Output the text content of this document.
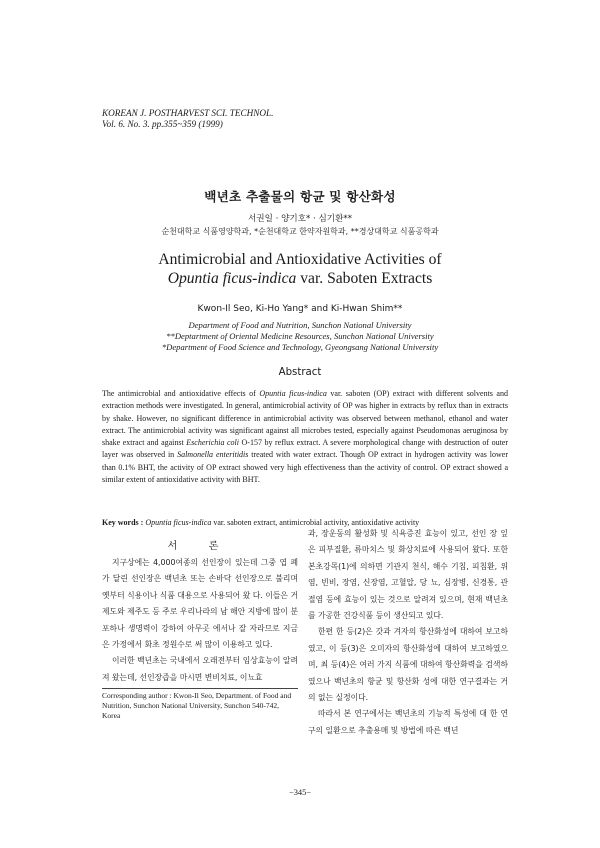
KOREAN J. POSTHARVEST SCI. TECHNOL.
Vol. 6. No. 3. pp.355~359 (1999)
백년초 추출물의 항균 및 항산화성
서권일 · 양기호* · 심기환**
순천대학교 식품영양학과, *순천대학교 한약자원학과, **경상대학교 식품공학과
Antimicrobial and Antioxidative Activities of
Opuntia ficus-indica var. Saboten Extracts
Kwon-Il Seo, Ki-Ho Yang* and Ki-Hwan Shim**
Department of Food and Nutrition, Sunchon National University
**Deptartment of Oriental Medicine Resources, Sunchon National University
*Department of Food Science and Technology, Gyeongsang National University
Abstract
The antimicrobial and antioxidative effects of Opuntia ficus-indica var. saboten (OP) extract with different solvents and extraction methods were investigated. In general, antimicrobial activity of OP was higher in extracts by reflux than in extracts by shake. However, no significant difference in antimicrobial activity was observed between methanol, ethanol and water extract. The antimicrobial activity was significant against all microbes tested, especially against Pseudomonas aeruginosa by shake extract and against Escherichia coli O-157 by reflux extract. A severe morphological change with destruction of outer layer was observed in Salmonella enteritidis treated with water extract. Though OP extract in hydrogen activity was lower than 0.1% BHT, the activity of OP extract showed very high effectiveness than the activity of control. OP extract showed a similar extent of antioxidative activity with BHT.
Key words : Opuntia ficus-indica var. saboten extract, antimicrobial activity, antioxidative activity
서 론

지구상에는 4,000여종의 선인장이 있는데 그중 엽 폐가 달린 선인장은 백년초 또는 손바닥 선인장으로 불리며 옛부터 식용이나 식품 대용으로 사용되어 왔 다. 이들은 거제도와 제주도 등 주로 우리나라의 남 해안 지방에 많이 분포하나 생명력이 강하여 아무곳 에서나 잘 자라므로 지금은 가정에서 화초 정원수로 써 많이 이용하고 있다.

이러한 백년초는 국내에서 오래전부터 임상효능이 알려져 왔는데, 선인장즙을 마시면 변비치료, 이뇨효

Corresponding author : Kwon-Il Seo, Department. of Food and Nutrition, Sunchon National University, Sunchon 540-742, Korea

과, 장운동의 활성화 및 식욕증진 효능이 있고, 선인 장 잎은 피부질환, 류마치스 및 화상치료에 사용되어 왔다. 또한 본초강목(1)에 의하면 기관지 천식, 해수 기침, 피침환, 위염, 빈비, 장염, 신장염, 고혈압, 당 뇨, 심장병, 신경통, 관절염 등에 효능이 있는 것으로 알려져 있으며, 현재 백년초를 가공한 건강식품 등이 생산되고 있다.

한편 한 등(2)은 갓과 겨자의 항산화성에 대하여 보고하였고, 이 등(3)은 오미자의 항산화성에 대하여 보고하였으며, 최 등(4)은 여러 가지 식품에 대하여 항산화력을 검색하였으나 백년초의 항균 및 항산화 성에 대한 연구결과는 거의 없는 실정이다.

따라서 본 연구에서는 백년초의 기능적 특성에 대 한 연구의 일환으로 추출용매 및 방법에 따른 백년

−345−
